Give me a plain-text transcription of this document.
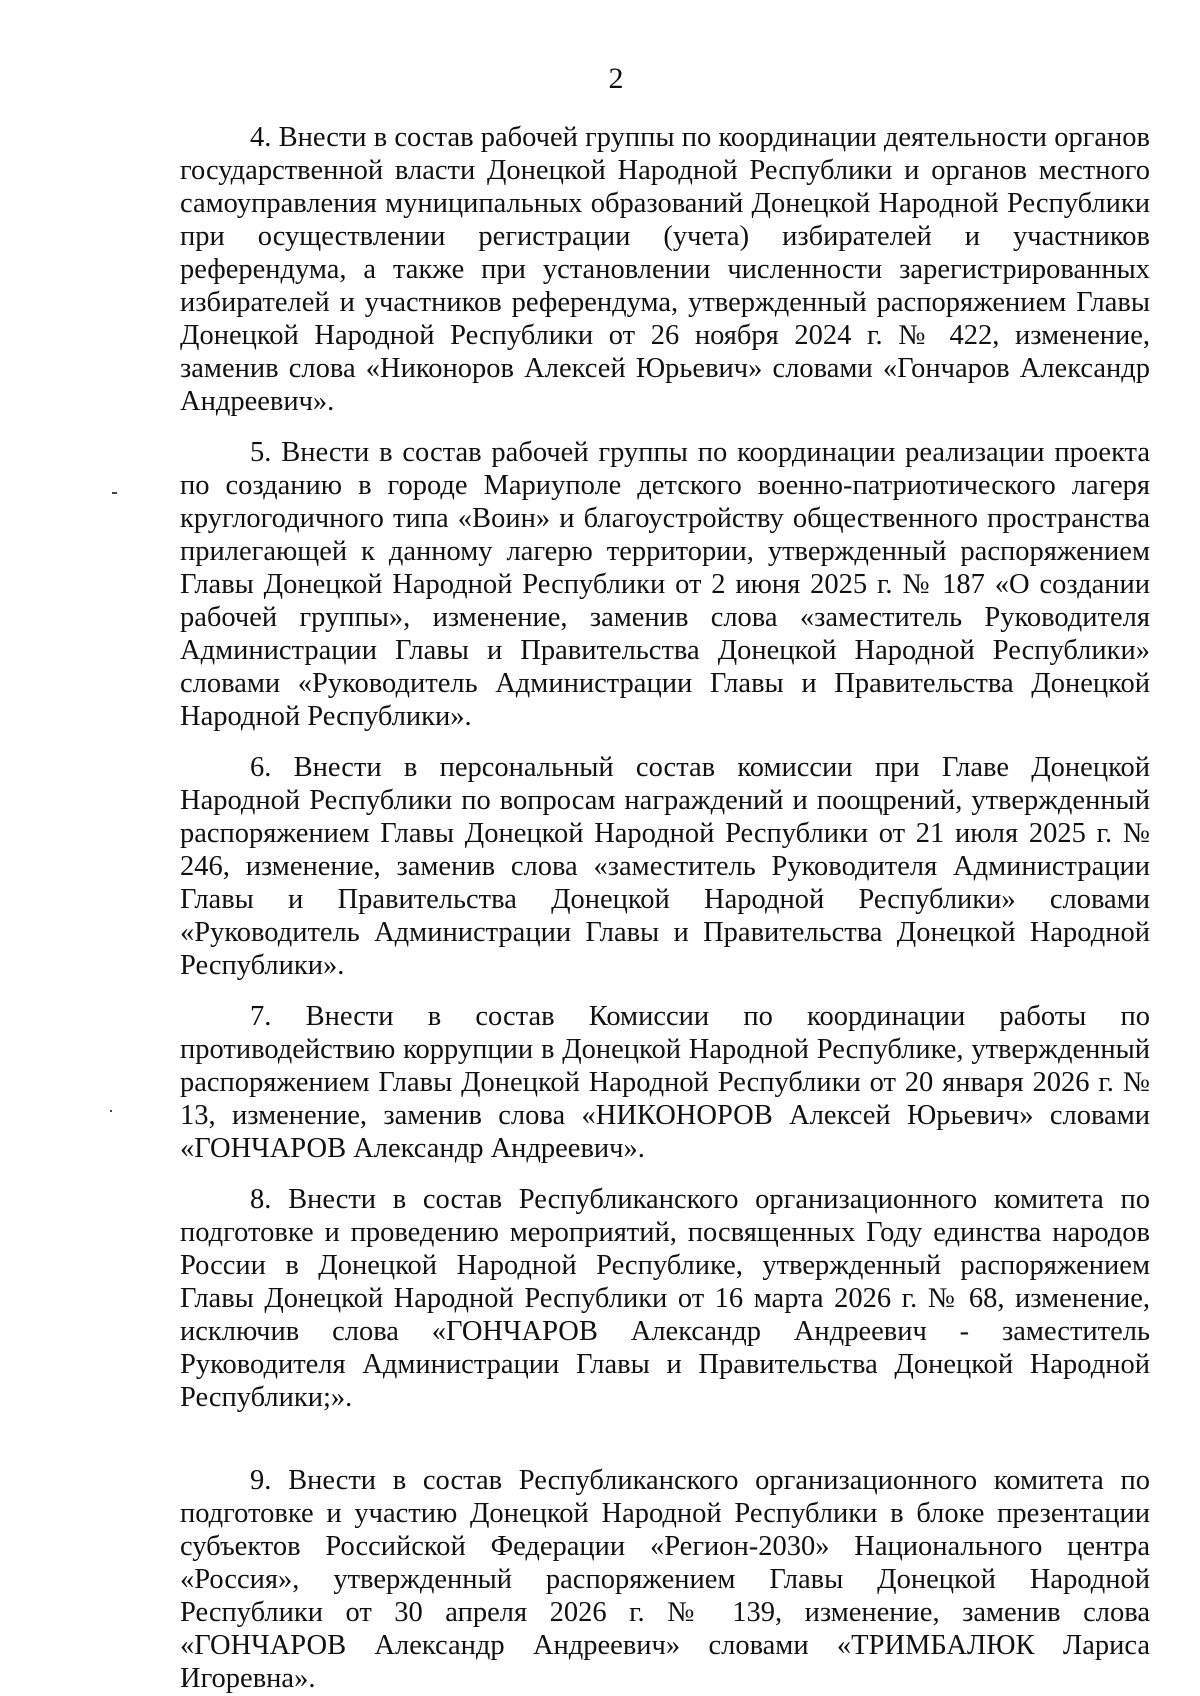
2

4. Внести в состав рабочей группы по координации деятельности органов государственной власти Донецкой Народной Республики и органов местного самоуправления муниципальных образований Донецкой Народной Республики при осуществлении регистрации (учета) избирателей и участников референдума, а также при установлении численности зарегистрированных избирателей и участников референдума, утвержденный распоряжением Главы Донецкой Народной Республики от 26 ноября 2024 г. № 422, изменение, заменив слова «Никоноров Алексей Юрьевич» словами «Гончаров Александр Андреевич».

5. Внести в состав рабочей группы по координации реализации проекта по созданию в городе Мариуполе детского военно-патриотического лагеря круглогодичного типа «Воин» и благоустройству общественного пространства прилегающей к данному лагерю территории, утвержденный распоряжением Главы Донецкой Народной Республики от 2 июня 2025 г. № 187 «О создании рабочей группы», изменение, заменив слова «заместитель Руководителя Администрации Главы и Правительства Донецкой Народной Республики» словами «Руководитель Администрации Главы и Правительства Донецкой Народной Республики».

6. Внести в персональный состав комиссии при Главе Донецкой Народной Республики по вопросам награждений и поощрений, утвержденный распоряжением Главы Донецкой Народной Республики от 21 июля 2025 г. № 246, изменение, заменив слова «заместитель Руководителя Администрации Главы и Правительства Донецкой Народной Республики» словами «Руководитель Администрации Главы и Правительства Донецкой Народной Республики».

7. Внести в состав Комиссии по координации работы по противодействию коррупции в Донецкой Народной Республике, утвержденный распоряжением Главы Донецкой Народной Республики от 20 января 2026 г. № 13, изменение, заменив слова «НИКОНОРОВ Алексей Юрьевич» словами «ГОНЧАРОВ Александр Андреевич».

8. Внести в состав Республиканского организационного комитета по подготовке и проведению мероприятий, посвященных Году единства народов России в Донецкой Народной Республике, утвержденный распоряжением Главы Донецкой Народной Республики от 16 марта 2026 г. № 68, изменение, исключив слова «ГОНЧАРОВ Александр Андреевич - заместитель Руководителя Администрации Главы и Правительства Донецкой Народной Республики;».

9. Внести в состав Республиканского организационного комитета по подготовке и участию Донецкой Народной Республики в блоке презентации субъектов Российской Федерации «Регион-2030» Национального центра «Россия», утвержденный распоряжением Главы Донецкой Народной Республики от 30 апреля 2026 г. № 139, изменение, заменив слова «ГОНЧАРОВ Александр Андреевич» словами «ТРИМБАЛЮК Лариса Игоревна».
